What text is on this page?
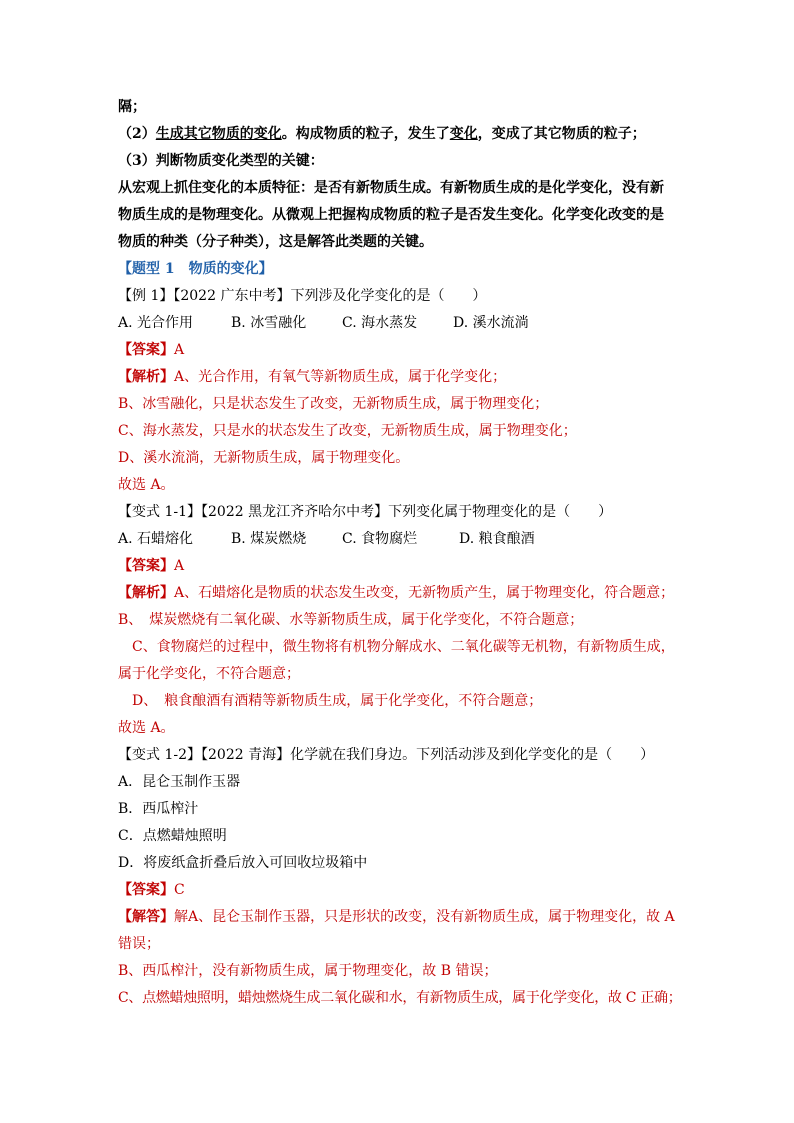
隔；
（2）生成其它物质的变化。构成物质的粒子，发生了变化，变成了其它物质的粒子；
（3）判断物质变化类型的关键：
从宏观上抓住变化的本质特征：是否有新物质生成。有新物质生成的是化学变化，没有新
物质生成的是物理变化。从微观上把握构成物质的粒子是否发生变化。化学变化改变的是
物质的种类（分子种类），这是解答此类题的关键。
【题型 1　物质的变化】
【例 1】【2022 广东中考】下列涉及化学变化的是（　　）
A. 光合作用	B. 冰雪融化	C. 海水蒸发	D. 溪水流淌
【答案】A
【解析】A、光合作用，有氧气等新物质生成，属于化学变化；
B、冰雪融化，只是状态发生了改变，无新物质生成，属于物理变化；
C、海水蒸发，只是水的状态发生了改变，无新物质生成，属于物理变化；
D、溪水流淌，无新物质生成，属于物理变化。
故选 A。
【变式 1-1】【2022 黑龙江齐齐哈尔中考】下列变化属于物理变化的是（　　）
A. 石蜡熔化	B. 煤炭燃烧	C. 食物腐烂	D. 粮食酿酒
【答案】A
【解析】A、石蜡熔化是物质的状态发生改变，无新物质产生，属于物理变化，符合题意；
B、　煤炭燃烧有二氧化碳、水等新物质生成，属于化学变化，不符合题意；
　C、食物腐烂的过程中，微生物将有机物分解成水、二氧化碳等无机物，有新物质生成，
属于化学变化，不符合题意；
　D、　粮食酿酒有酒精等新物质生成，属于化学变化，不符合题意；
故选 A。
【变式 1-2】【2022 青海】化学就在我们身边。下列活动涉及到化学变化的是（　　）
A．昆仑玉制作玉器
B．西瓜榨汁
C．点燃蜡烛照明
D．将废纸盒折叠后放入可回收垃圾箱中
【答案】C
【解答】解A、昆仑玉制作玉器，只是形状的改变，没有新物质生成，属于物理变化，故 A
错误；
B、西瓜榨汁，没有新物质生成，属于物理变化，故 B 错误；
C、点燃蜡烛照明，蜡烛燃烧生成二氧化碳和水，有新物质生成，属于化学变化，故 C 正确；
